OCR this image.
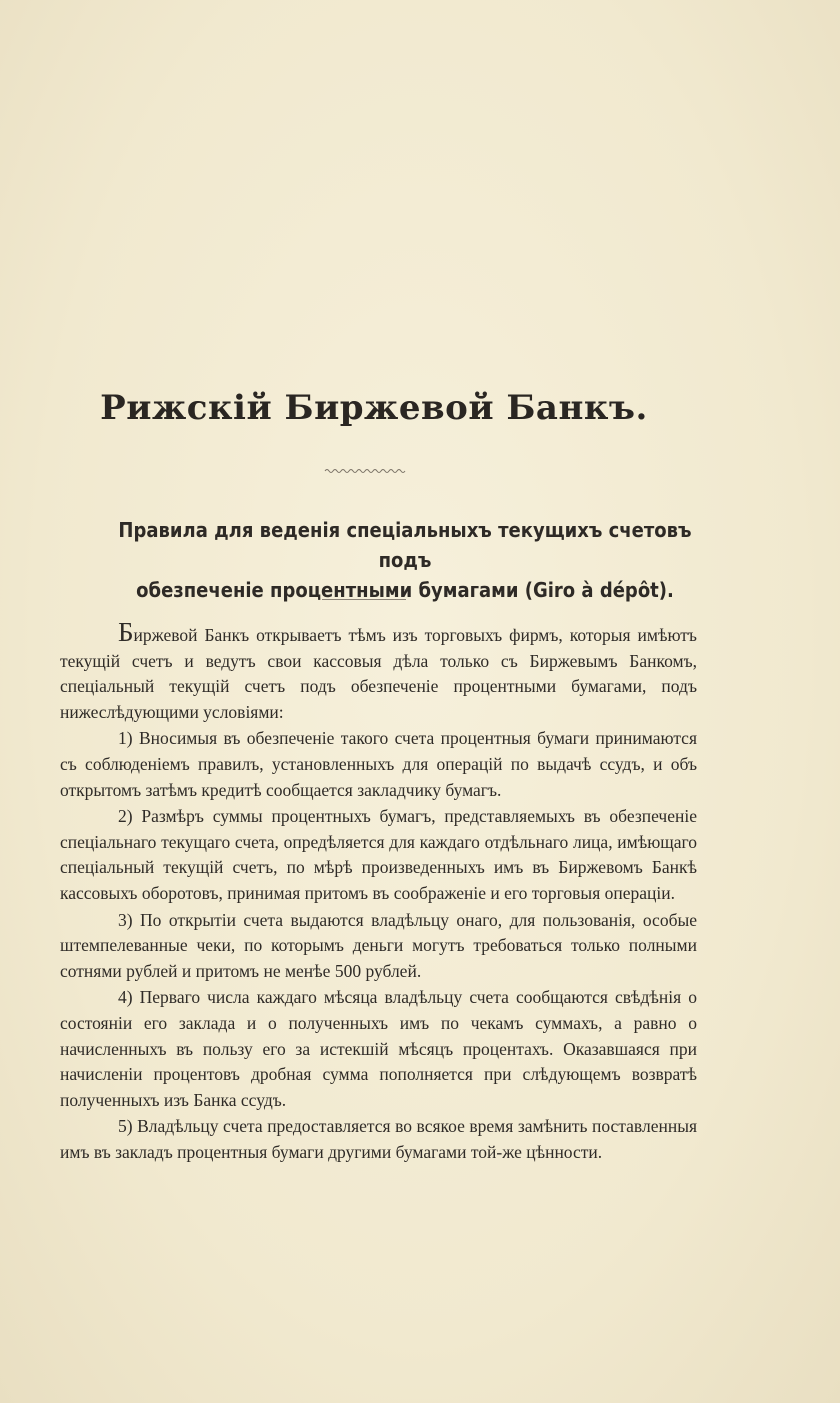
Рижскій Биржевой Банкъ.
Правила для веденія спеціальныхъ текущихъ счетовъ подъ
обезпеченіе процентными бумагами (Giro à dépôt).

Биржевой Банкъ открываетъ тѣмъ изъ торговыхъ фирмъ, которыя имѣютъ текущій счетъ и ведутъ свои кассовыя дѣла только съ Биржевымъ Банкомъ, спеціальный текущій счетъ подъ обезпеченіе процентными бумагами, подъ нижеслѣдующими условіями:

1) Вносимыя въ обезпеченіе такого счета процентныя бумаги принимаются съ соблюденіемъ правилъ, установленныхъ для операцій по выдачѣ ссудъ, и объ открытомъ затѣмъ кредитѣ сообщается закладчику бумагъ.

2) Размѣръ суммы процентныхъ бумагъ, представляемыхъ въ обезпеченіе спеціальнаго текущаго счета, опредѣляется для каждаго отдѣльнаго лица, имѣющаго спеціальный текущій счетъ, по мѣрѣ произведенныхъ имъ въ Биржевомъ Банкѣ кассовыхъ оборотовъ, принимая притомъ въ соображеніе и его торговыя операціи.

3) По открытіи счета выдаются владѣльцу онаго, для пользованія, особые штемпелеванные чеки, по которымъ деньги могутъ требоваться только полными сотнями рублей и притомъ не менѣе 500 рублей.

4) Перваго числа каждаго мѣсяца владѣльцу счета сообщаются свѣдѣнія о состояніи его заклада и о полученныхъ имъ по чекамъ суммахъ, а равно о начисленныхъ въ пользу его за истекшій мѣсяцъ процентахъ. Оказавшаяся при начисленіи процентовъ дробная сумма пополняется при слѣдующемъ возвратѣ полученныхъ изъ Банка ссудъ.

5) Владѣльцу счета предоставляется во всякое время замѣнить поставленныя имъ въ закладъ процентныя бумаги другими бумагами той-же цѣнности.
